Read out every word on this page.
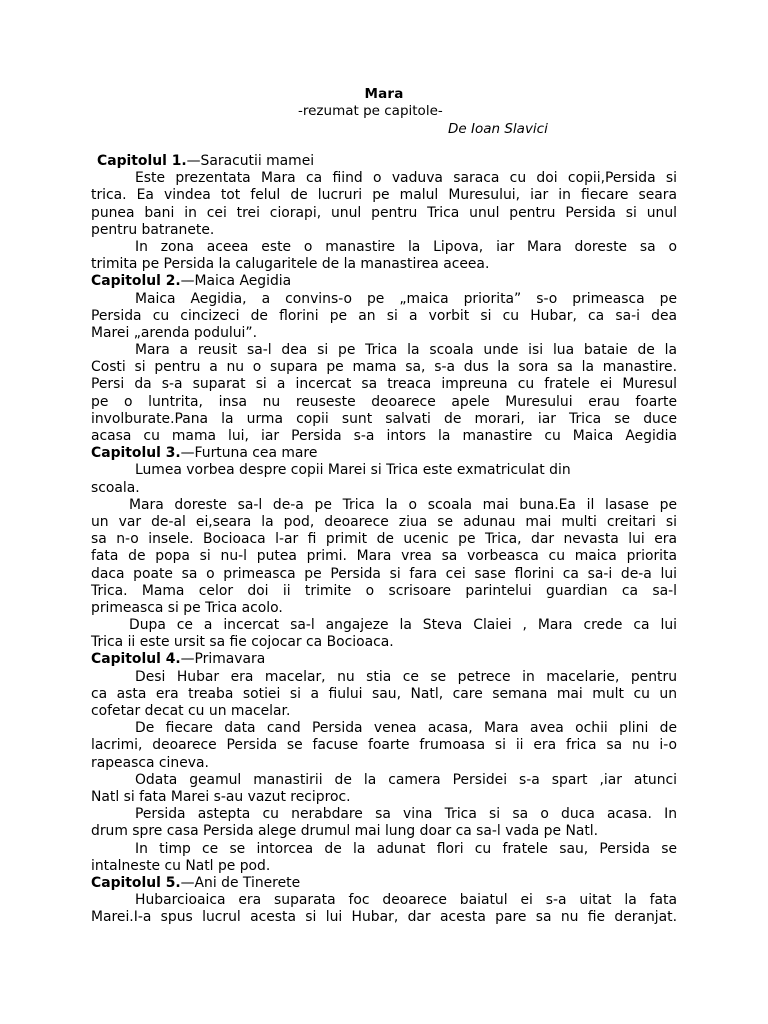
Mara
-rezumat pe capitole-
De Ioan Slavici
Capitolul 1.—Saracutii mamei
Este prezentata Mara ca fiind o vaduva saraca cu doi copii,Persida si
trica. Ea vindea tot felul de lucruri pe malul Muresului, iar in fiecare seara
punea bani in cei trei ciorapi, unul pentru Trica unul pentru Persida si unul
pentru batranete.
In zona aceea este o manastire la Lipova, iar Mara doreste sa o
trimita pe Persida la calugaritele de la manastirea aceea.
Capitolul 2.—Maica Aegidia
Maica Aegidia, a convins-o pe „maica priorita” s-o primeasca pe
Persida cu cincizeci de florini pe an si a vorbit si cu Hubar, ca sa-i dea
Marei „arenda podului”.
Mara a reusit sa-l dea si pe Trica la scoala unde isi lua bataie de la
Costi si pentru a nu o supara pe mama sa, s-a dus la sora sa la manastire.
Persi da s-a suparat si a incercat sa treaca impreuna cu fratele ei Muresul
pe o luntrita, insa nu reuseste deoarece apele Muresului erau foarte
involburate.Pana la urma copii sunt salvati de morari, iar Trica se duce
acasa cu mama lui, iar Persida s-a intors la manastire cu Maica Aegidia
Capitolul 3.—Furtuna cea mare
Lumea vorbea despre copii Marei si Trica este exmatriculat din
scoala.
Mara doreste sa-l de-a pe Trica la o scoala mai buna.Ea il lasase pe
un var de-al ei,seara la pod, deoarece ziua se adunau mai multi creitari si
sa n-o insele. Bocioaca l-ar fi primit de ucenic pe Trica, dar nevasta lui era
fata de popa si nu-l putea primi. Mara vrea sa vorbeasca cu maica priorita
daca poate sa o primeasca pe Persida si fara cei sase florini ca sa-i de-a lui
Trica. Mama celor doi ii trimite o scrisoare parintelui guardian ca sa-l
primeasca si pe Trica acolo.
Dupa ce a incercat sa-l angajeze la Steva Claiei , Mara crede ca lui
Trica ii este ursit sa fie cojocar ca Bocioaca.
Capitolul 4.—Primavara
Desi Hubar era macelar, nu stia ce se petrece in macelarie, pentru
ca asta era treaba sotiei si a fiului sau, Natl, care semana mai mult cu un
cofetar decat cu un macelar.
De fiecare data cand Persida venea acasa, Mara avea ochii plini de
lacrimi, deoarece Persida se facuse foarte frumoasa si ii era frica sa nu i-o
rapeasca cineva.
Odata geamul manastirii de la camera Persidei s-a spart ,iar atunci
Natl si fata Marei s-au vazut reciproc.
Persida astepta cu nerabdare sa vina Trica si sa o duca acasa. In
drum spre casa Persida alege drumul mai lung doar ca sa-l vada pe Natl.
In timp ce se intorcea de la adunat flori cu fratele sau, Persida se
intalneste cu Natl pe pod.
Capitolul 5.—Ani de Tinerete
Hubarcioaica era suparata foc deoarece baiatul ei s-a uitat la fata
Marei.I-a spus lucrul acesta si lui Hubar, dar acesta pare sa nu fie deranjat.
